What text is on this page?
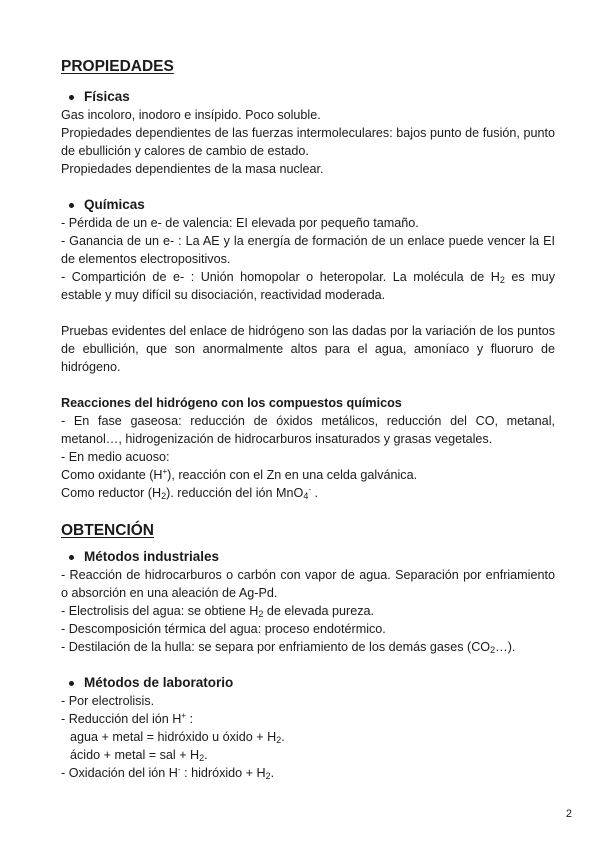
PROPIEDADES
Físicas

Gas incoloro, inodoro e insípido. Poco soluble.

Propiedades dependientes de las fuerzas intermoleculares: bajos punto de fusión, punto de ebullición y calores de cambio de estado.

Propiedades dependientes de la masa nuclear.

Químicas

- Pérdida de un e- de valencia: EI elevada por pequeño tamaño.

- Ganancia de un e- : La AE y la energía de formación de un enlace puede vencer la EI de elementos electropositivos.

- Compartición de e- : Unión homopolar o heteropolar. La molécula de $H_2$ es muy estable y muy difícil su disociación, reactividad moderada.

Pruebas evidentes del enlace de hidrógeno son las dadas por la variación de los puntos de ebullición, que son anormalmente altos para el agua, amoníaco y fluoruro de hidrógeno.

Reacciones del hidrógeno con los compuestos químicos

- En fase gaseosa: reducción de óxidos metálicos, reducción del CO, metanal, metanol…, hidrogenización de hidrocarburos insaturados y grasas vegetales.

- En medio acuoso:

Como oxidante (H+), reacción con el Zn en una celda galvánica.

Como reductor $(H_2)$. reducción del ión MnO$_4$- .

OBTENCIÓN
Métodos industriales

- Reacción de hidrocarburos o carbón con vapor de agua. Separación por enfriamiento o absorción en una aleación de Ag-Pd.

- Electrolisis del agua: se obtiene $H_2$ de elevada pureza.

- Descomposición térmica del agua: proceso endotérmico.

- Destilación de la hulla: se separa por enfriamiento de los demás gases $(CO_2\dots)$.

Métodos de laboratorio

- Por electrolisis.

- Reducción del ión H+ :

agua + metal = hidróxido u óxido + $H_2$.

ácido + metal = sal + $H_2$.

- Oxidación del ión H- : hidróxido + $H_2$.

2
